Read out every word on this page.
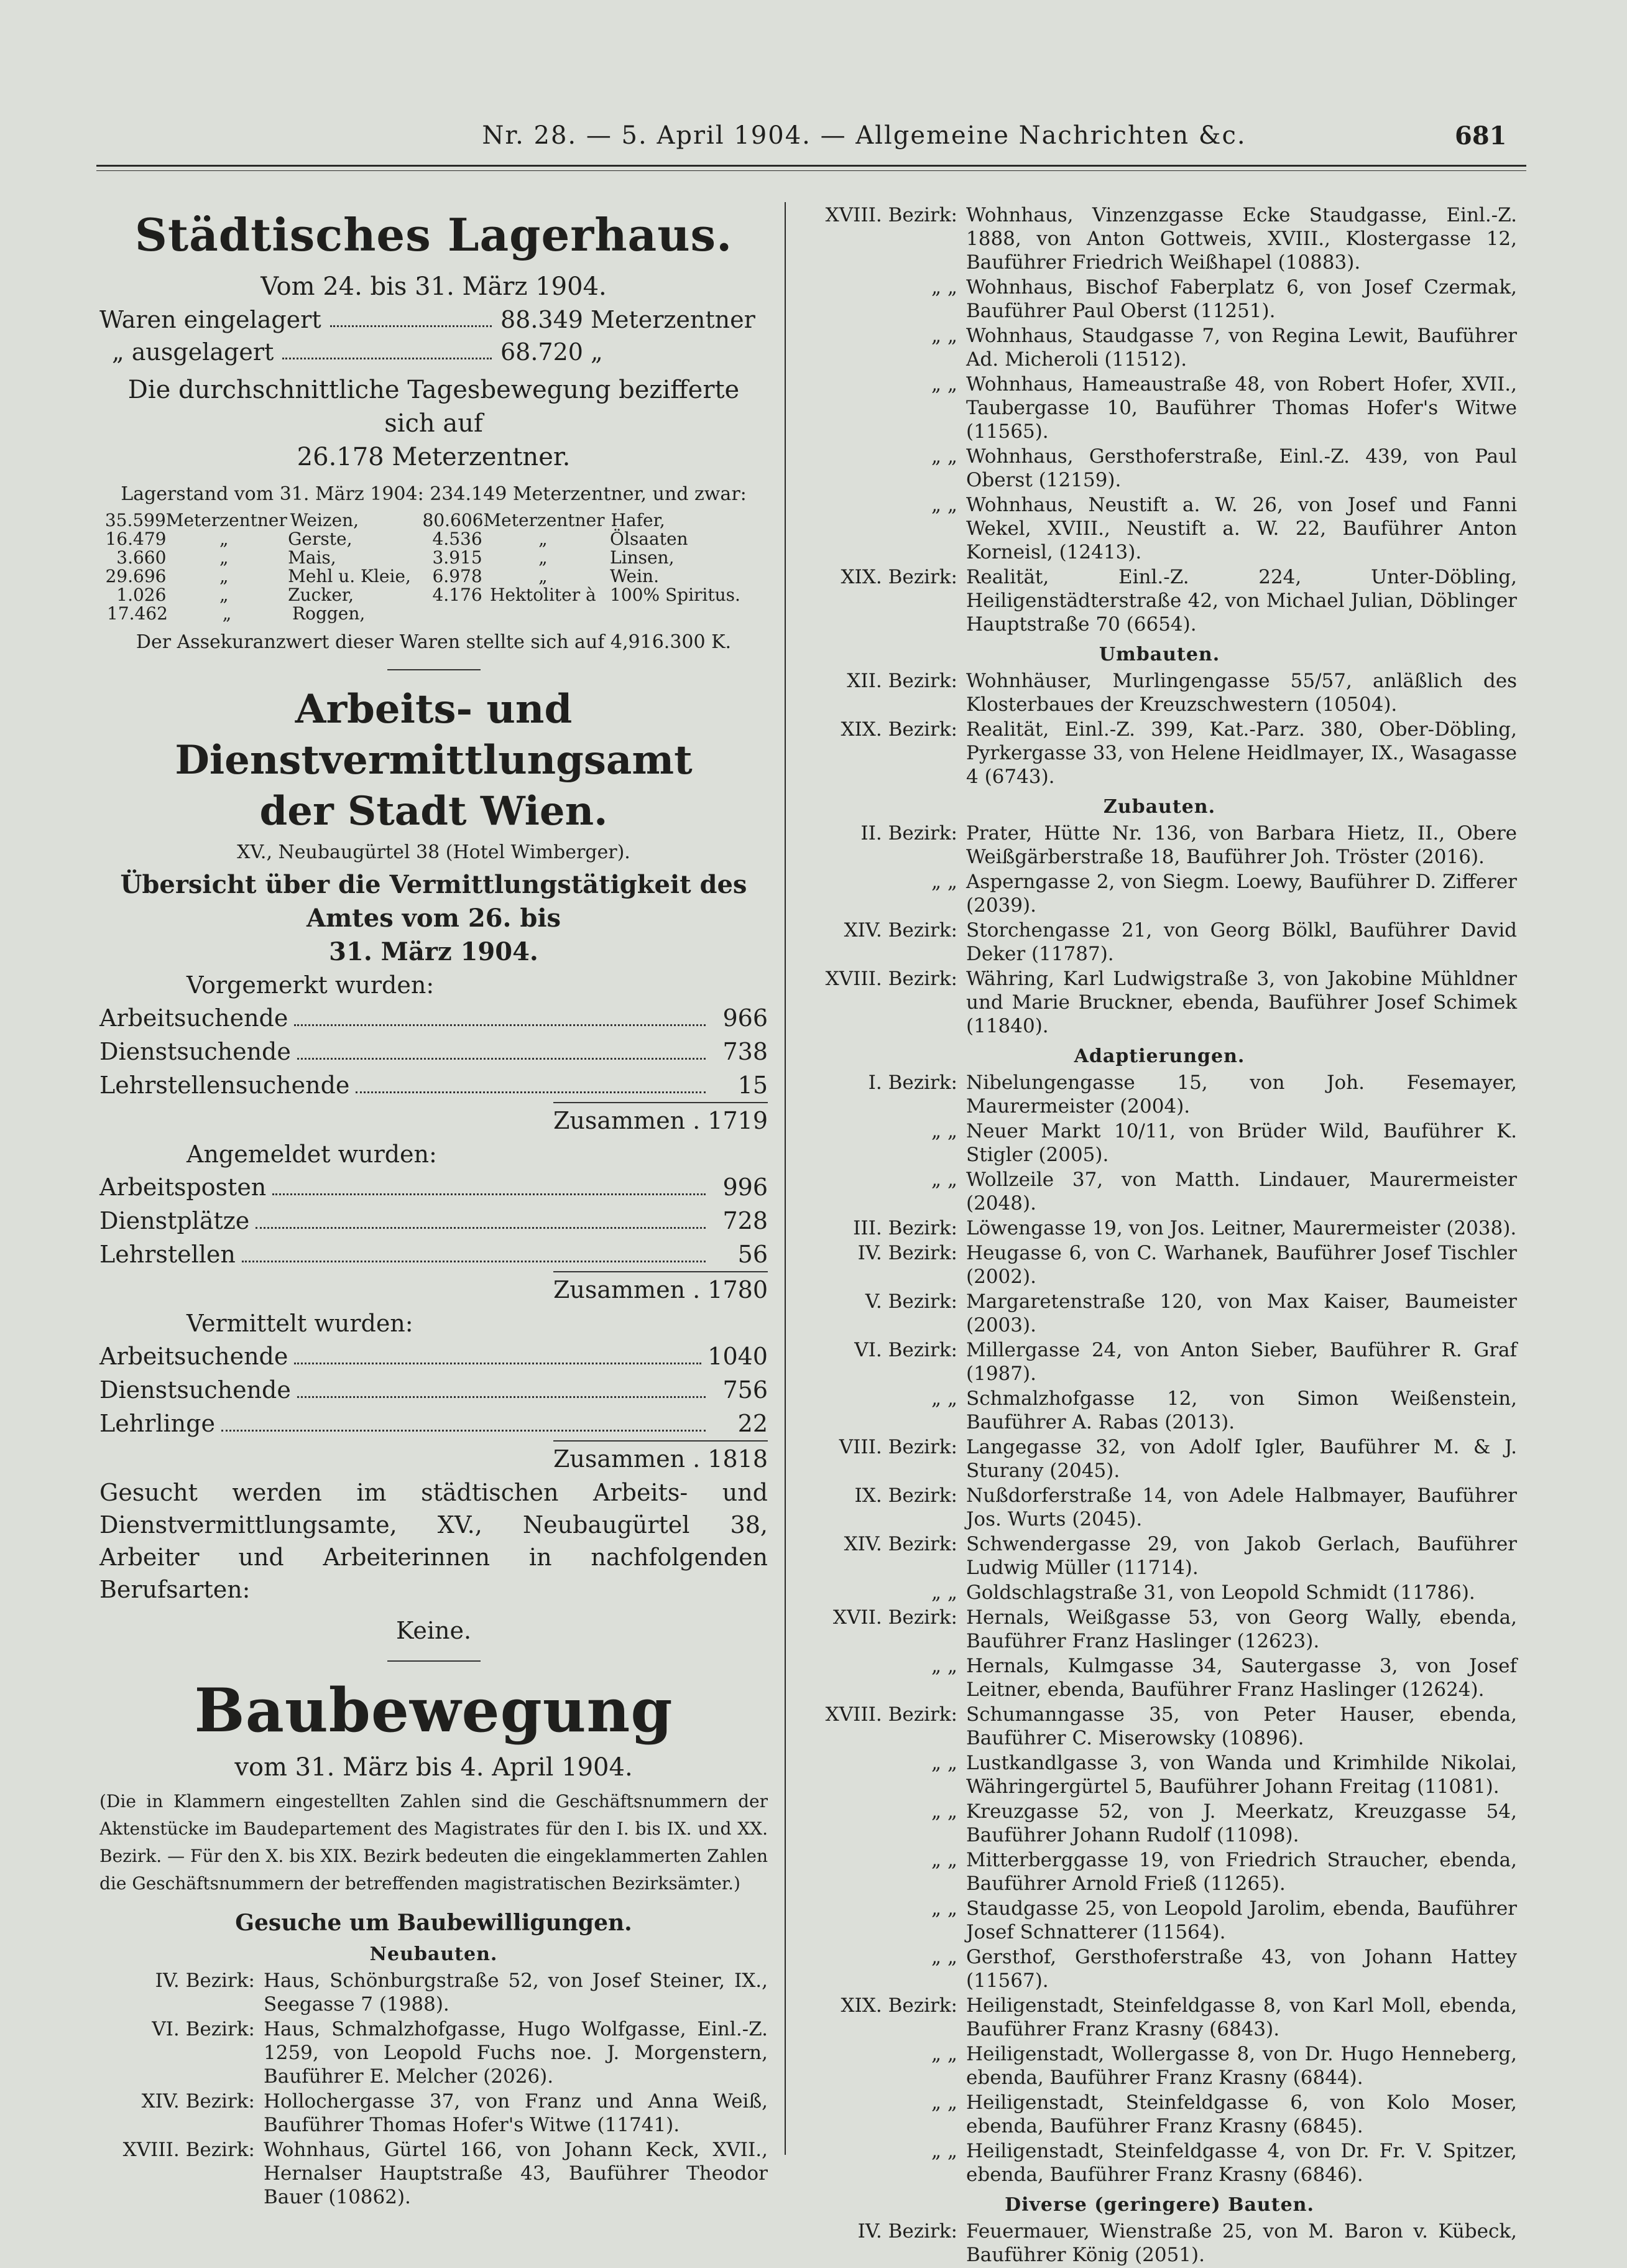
Nr. 28. — 5. April 1904. — Allgemeine Nachrichten &c.	681
Städtisches Lagerhaus.

Vom 24. bis 31. März 1904.

Waren eingelagert	88.349 Meterzentner
„ ausgelagert	68.720 „

Die durchschnittliche Tagesbewegung bezifferte sich auf

26.178 Meterzentner.

Lagerstand vom 31. März 1904: 234.149 Meterzentner, und zwar:

35.599 Meterzentner Weizen,	80.606 Meterzentner Hafer,
16.479	„	Gerste,	4.536	„	Ölsaaten
3.660	„	Mais,	3.915	„	Linsen,
29.696	„	Mehl u. Kleie,	6.978	„	Wein.
1.026	„	Zucker,	4.176 Hektoliter à 100% Spiritus.
17.462	„	Roggen,

Der Assekuranzwert dieser Waren stellte sich auf 4,916.300 K.

Arbeits- und Dienstvermittlungsamt

der Stadt Wien.

XV., Neubaugürtel 38 (Hotel Wimberger).

Übersicht über die Vermittlungstätigkeit des Amtes vom 26. bis

31. März 1904.

Vorgemerkt wurden:

Arbeitsuchende	966
Dienstsuchende	738
Lehrstellensuchende	15
Zusammen . 1719

Angemeldet wurden:

Arbeitsposten	996
Dienstplätze	728
Lehrstellen	56
Zusammen . 1780

Vermittelt wurden:

Arbeitsuchende	1040
Dienstsuchende	756
Lehrlinge	22
Zusammen . 1818

Gesucht werden im städtischen Arbeits- und Dienstvermittlungsamte, XV., Neubaugürtel 38, Arbeiter und Arbeiterinnen in nachfolgenden Berufsarten:

Keine.

Baubewegung

vom 31. März bis 4. April 1904.

(Die in Klammern eingestellten Zahlen sind die Geschäftsnummern der Aktenstücke im Baudepartement des Magistrates für den I. bis IX. und XX. Bezirk. — Für den X. bis XIX. Bezirk bedeuten die eingeklammerten Zahlen die Geschäftsnummern der betreffenden magistratischen Bezirksämter.)

Gesuche um Baubewilligungen.
Neubauten.
IV. Bezirk: Haus, Schönburgstraße 52, von Josef Steiner, IX., Seegasse 7 (1988).
VI. Bezirk: Haus, Schmalzhofgasse, Hugo Wolfgasse, Einl.-Z. 1259, von Leopold Fuchs noe. J. Morgenstern, Bauführer E. Melcher (2026).
XIV. Bezirk: Hollochergasse 37, von Franz und Anna Weiß, Bauführer Thomas Hofer's Witwe (11741).
XVIII. Bezirk: Wohnhaus, Gürtel 166, von Johann Keck, XVII., Hernalser Hauptstraße 43, Bauführer Theodor Bauer (10862).
XVIII. Bezirk: Wohnhaus, Vinzenzgasse Ecke Staudgasse, Einl.-Z. 1888, von Anton Gottweis, XVIII., Klostergasse 12, Bauführer Friedrich Weißhapel (10883).
„ „ Wohnhaus, Bischof Faberplatz 6, von Josef Czermak, Bauführer Paul Oberst (11251).
„ „ Wohnhaus, Staudgasse 7, von Regina Lewit, Bauführer Ad. Micheroli (11512).
„ „ Wohnhaus, Hameaustraße 48, von Robert Hofer, XVII., Taubergasse 10, Bauführer Thomas Hofer's Witwe (11565).
„ „ Wohnhaus, Gersthoferstraße, Einl.-Z. 439, von Paul Oberst (12159).
„ „ Wohnhaus, Neustift a. W. 26, von Josef und Fanni Wekel, XVIII., Neustift a. W. 22, Bauführer Anton Korneisl, (12413).
XIX. Bezirk: Realität, Einl.-Z. 224, Unter-Döbling, Heiligenstädterstraße 42, von Michael Julian, Döblinger Hauptstraße 70 (6654).
Umbauten.
XII. Bezirk: Wohnhäuser, Murlingengasse 55/57, anläßlich des Klosterbaues der Kreuzschwestern (10504).
XIX. Bezirk: Realität, Einl.-Z. 399, Kat.-Parz. 380, Ober-Döbling, Pyrkergasse 33, von Helene Heidlmayer, IX., Wasagasse 4 (6743).
Zubauten.
II. Bezirk: Prater, Hütte Nr. 136, von Barbara Hietz, II., Obere Weißgärberstraße 18, Bauführer Joh. Tröster (2016).
„ „ Asperngasse 2, von Siegm. Loewy, Bauführer D. Zifferer (2039).
XIV. Bezirk: Storchengasse 21, von Georg Bölkl, Bauführer David Deker (11787).
XVIII. Bezirk: Währing, Karl Ludwigstraße 3, von Jakobine Mühldner und Marie Bruckner, ebenda, Bauführer Josef Schimek (11840).
Adaptierungen.
I. Bezirk: Nibelungengasse 15, von Joh. Fesemayer, Maurermeister (2004).
„ „ Neuer Markt 10/11, von Brüder Wild, Bauführer K. Stigler (2005).
„ „ Wollzeile 37, von Matth. Lindauer, Maurermeister (2048).
III. Bezirk: Löwengasse 19, von Jos. Leitner, Maurermeister (2038).
IV. Bezirk: Heugasse 6, von C. Warhanek, Bauführer Josef Tischler (2002).
V. Bezirk: Margaretenstraße 120, von Max Kaiser, Baumeister (2003).
VI. Bezirk: Millergasse 24, von Anton Sieber, Bauführer R. Graf (1987).
„ „ Schmalzhofgasse 12, von Simon Weißenstein, Bauführer A. Rabas (2013).
VIII. Bezirk: Langegasse 32, von Adolf Igler, Bauführer M. & J. Sturany (2045).
IX. Bezirk: Nußdorferstraße 14, von Adele Halbmayer, Bauführer Jos. Wurts (2045).
XIV. Bezirk: Schwendergasse 29, von Jakob Gerlach, Bauführer Ludwig Müller (11714).
„ „ Goldschlagstraße 31, von Leopold Schmidt (11786).
XVII. Bezirk: Hernals, Weißgasse 53, von Georg Wally, ebenda, Bauführer Franz Haslinger (12623).
„ „ Hernals, Kulmgasse 34, Sautergasse 3, von Josef Leitner, ebenda, Bauführer Franz Haslinger (12624).
XVIII. Bezirk: Schumanngasse 35, von Peter Hauser, ebenda, Bauführer C. Miserowsky (10896).
„ „ Lustkandlgasse 3, von Wanda und Krimhilde Nikolai, Währingergürtel 5, Bauführer Johann Freitag (11081).
„ „ Kreuzgasse 52, von J. Meerkatz, Kreuzgasse 54, Bauführer Johann Rudolf (11098).
„ „ Mitterberggasse 19, von Friedrich Straucher, ebenda, Bauführer Arnold Frieß (11265).
„ „ Staudgasse 25, von Leopold Jarolim, ebenda, Bauführer Josef Schnatterer (11564).
„ „ Gersthof, Gersthoferstraße 43, von Johann Hattey (11567).
XIX. Bezirk: Heiligenstadt, Steinfeldgasse 8, von Karl Moll, ebenda, Bauführer Franz Krasny (6843).
„ „ Heiligenstadt, Wollergasse 8, von Dr. Hugo Henneberg, ebenda, Bauführer Franz Krasny (6844).
„ „ Heiligenstadt, Steinfeldgasse 6, von Kolo Moser, ebenda, Bauführer Franz Krasny (6845).
„ „ Heiligenstadt, Steinfeldgasse 4, von Dr. Fr. V. Spitzer, ebenda, Bauführer Franz Krasny (6846).
Diverse (geringere) Bauten.
IV. Bezirk: Feuermauer, Wienstraße 25, von M. Baron v. Kübeck, Bauführer König (2051).
